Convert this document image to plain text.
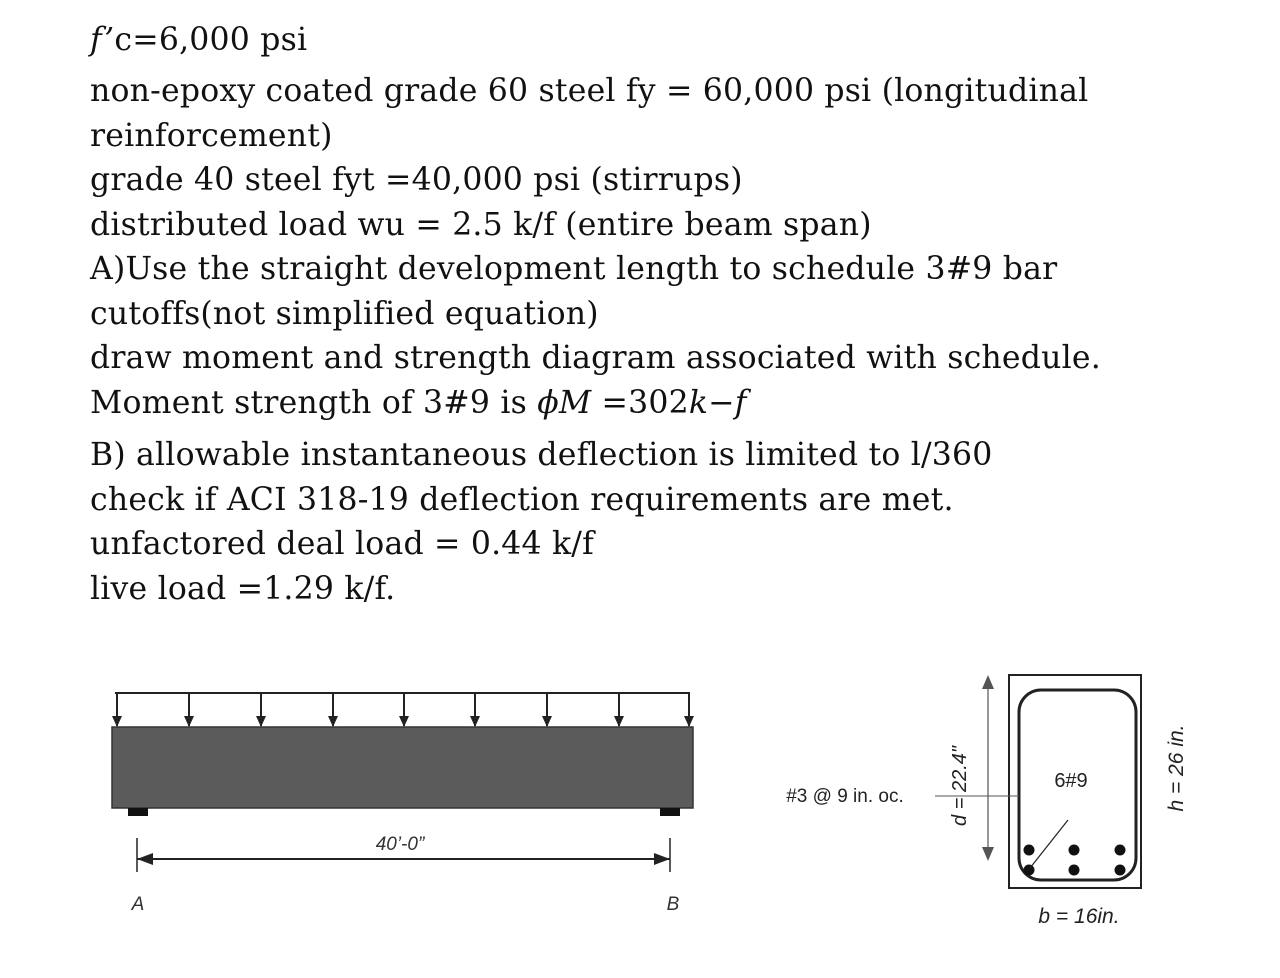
f’c=6,000 psi
non-epoxy coated grade 60 steel fy = 60,000 psi (longitudinal
reinforcement)
grade 40 steel fyt =40,000 psi (stirrups)
distributed load wu = 2.5 k/f (entire beam span)
A)Use the straight development length to schedule 3#9 bar
cutoffs(not simplified equation)
draw moment and strength diagram associated with schedule.
Moment strength of 3#9 is ϕM =302k−f
B) allowable instantaneous deflection is limited to l/360
check if ACI 318-19 deflection requirements are met.
unfactored deal load = 0.44 k/f
live load =1.29 k/f.
40’-0”
A	B
6#9
d = 22.4"
#3 @ 9 in. oc.	h = 26 in.
b = 16in.
